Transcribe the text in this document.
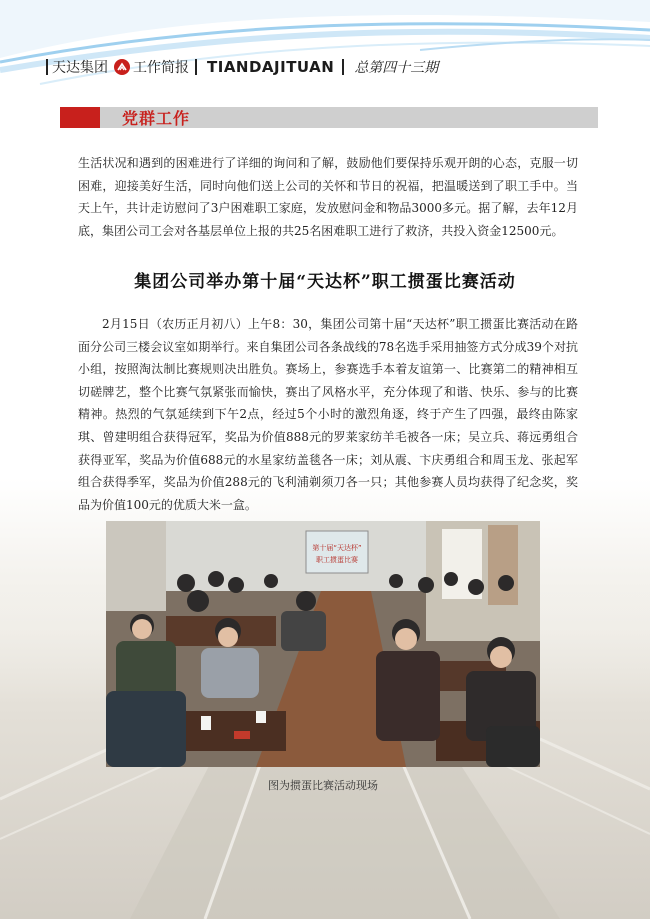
天达集团 工作简报 TIANDAJITUAN 总第四十三期
党群工作

生活状况和遇到的困难进行了详细的询问和了解，鼓励他们要保持乐观开朗的心态，克服一切困难，迎接美好生活，同时向他们送上公司的关怀和节日的祝福，把温暖送到了职工手中。当天上午，共计走访慰问了3户困难职工家庭，发放慰问金和物品3000多元。据了解，去年12月底，集团公司工会对各基层单位上报的共25名困难职工进行了救济，共投入资金12500元。

集团公司举办第十届“天达杯”职工掼蛋比赛活动

2月15日（农历正月初八）上午8：30，集团公司第十届“天达杯”职工掼蛋比赛活动在路面分公司三楼会议室如期举行。来自集团公司各条战线的78名选手采用抽签方式分成39个对抗小组，按照淘汰制比赛规则决出胜负。赛场上，参赛选手本着友谊第一、比赛第二的精神相互切磋牌艺，整个比赛气氛紧张而愉快，赛出了风格水平，充分体现了和谐、快乐、参与的比赛精神。热烈的气氛延续到下午2点，经过5个小时的激烈角逐，终于产生了四强，最终由陈家琪、曾建明组合获得冠军，奖品为价值888元的罗莱家纺羊毛被各一床；吴立兵、蒋远勇组合获得亚军，奖品为价值688元的水星家纺盖毯各一床；刘从震、卞庆勇组合和周玉龙、张起军组合获得季军，奖品为价值288元的飞利浦剃须刀各一只；其他参赛人员均获得了纪念奖，奖品为价值100元的优质大米一盒。

第十届“天达杯”
职工掼蛋比赛

图为掼蛋比赛活动现场
